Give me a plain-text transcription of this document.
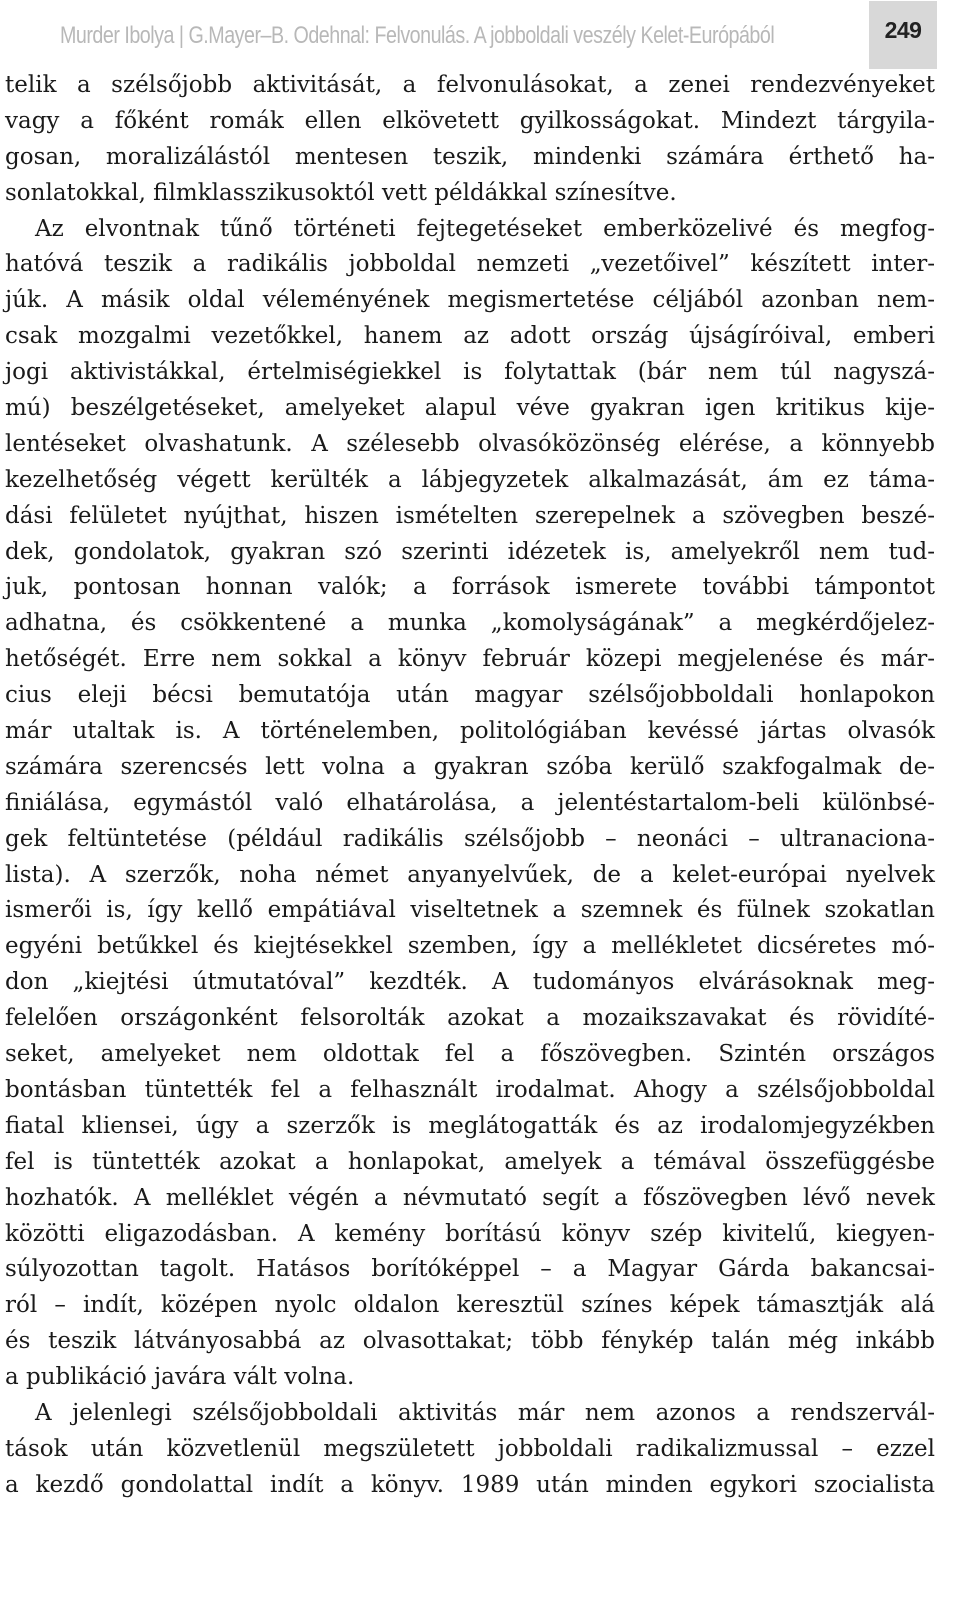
Murder Ibolya | G.Mayer–B. Odehnal: Felvonulás. A jobboldali veszély Kelet-Európából	249
telik a szélsőjobb aktivitását, a felvonulásokat, a zenei rendezvényeket
vagy a főként romák ellen elkövetett gyilkosságokat. Mindezt tárgyila-
gosan, moralizálástól mentesen teszik, mindenki számára érthető ha-
sonlatokkal, filmklasszikusoktól vett példákkal színesítve.
Az elvontnak tűnő történeti fejtegetéseket emberközelivé és megfog-
hatóvá teszik a radikális jobboldal nemzeti „vezetőivel” készített inter-
júk. A másik oldal véleményének megismertetése céljából azonban nem-
csak mozgalmi vezetőkkel, hanem az adott ország újságíróival, emberi
jogi aktivistákkal, értelmiségiekkel is folytattak (bár nem túl nagyszá-
mú) beszélgetéseket, amelyeket alapul véve gyakran igen kritikus kije-
lentéseket olvashatunk. A szélesebb olvasóközönség elérése, a könnyebb
kezelhetőség végett kerülték a lábjegyzetek alkalmazását, ám ez táma-
dási felületet nyújthat, hiszen ismételten szerepelnek a szövegben beszé-
dek, gondolatok, gyakran szó szerinti idézetek is, amelyekről nem tud-
juk, pontosan honnan valók; a források ismerete további támpontot
adhatna, és csökkentené a munka „komolyságának” a megkérdőjelez-
hetőségét. Erre nem sokkal a könyv február közepi megjelenése és már-
cius eleji bécsi bemutatója után magyar szélsőjobboldali honlapokon
már utaltak is. A történelemben, politológiában kevéssé jártas olvasók
számára szerencsés lett volna a gyakran szóba kerülő szakfogalmak de-
finiálása, egymástól való elhatárolása, a jelentéstartalom-beli különbsé-
gek feltüntetése (például radikális szélsőjobb – neonáci – ultranaciona-
lista). A szerzők, noha német anyanyelvűek, de a kelet-európai nyelvek
ismerői is, így kellő empátiával viseltetnek a szemnek és fülnek szokatlan
egyéni betűkkel és kiejtésekkel szemben, így a mellékletet dicséretes mó-
don „kiejtési útmutatóval” kezdték. A tudományos elvárásoknak meg-
felelően országonként felsorolták azokat a mozaikszavakat és rövidíté-
seket, amelyeket nem oldottak fel a főszövegben. Szintén országos
bontásban tüntették fel a felhasznált irodalmat. Ahogy a szélsőjobboldal
fiatal kliensei, úgy a szerzők is meglátogatták és az irodalomjegyzékben
fel is tüntették azokat a honlapokat, amelyek a témával összefüggésbe
hozhatók. A melléklet végén a névmutató segít a főszövegben lévő nevek
közötti eligazodásban. A kemény borítású könyv szép kivitelű, kiegyen-
súlyozottan tagolt. Hatásos borítóképpel – a Magyar Gárda bakancsai-
ról – indít, középen nyolc oldalon keresztül színes képek támasztják alá
és teszik látványosabbá az olvasottakat; több fénykép talán még inkább
a publikáció javára vált volna.
A jelenlegi szélsőjobboldali aktivitás már nem azonos a rendszervál-
tások után közvetlenül megszületett jobboldali radikalizmussal – ezzel
a kezdő gondolattal indít a könyv. 1989 után minden egykori szocialista
